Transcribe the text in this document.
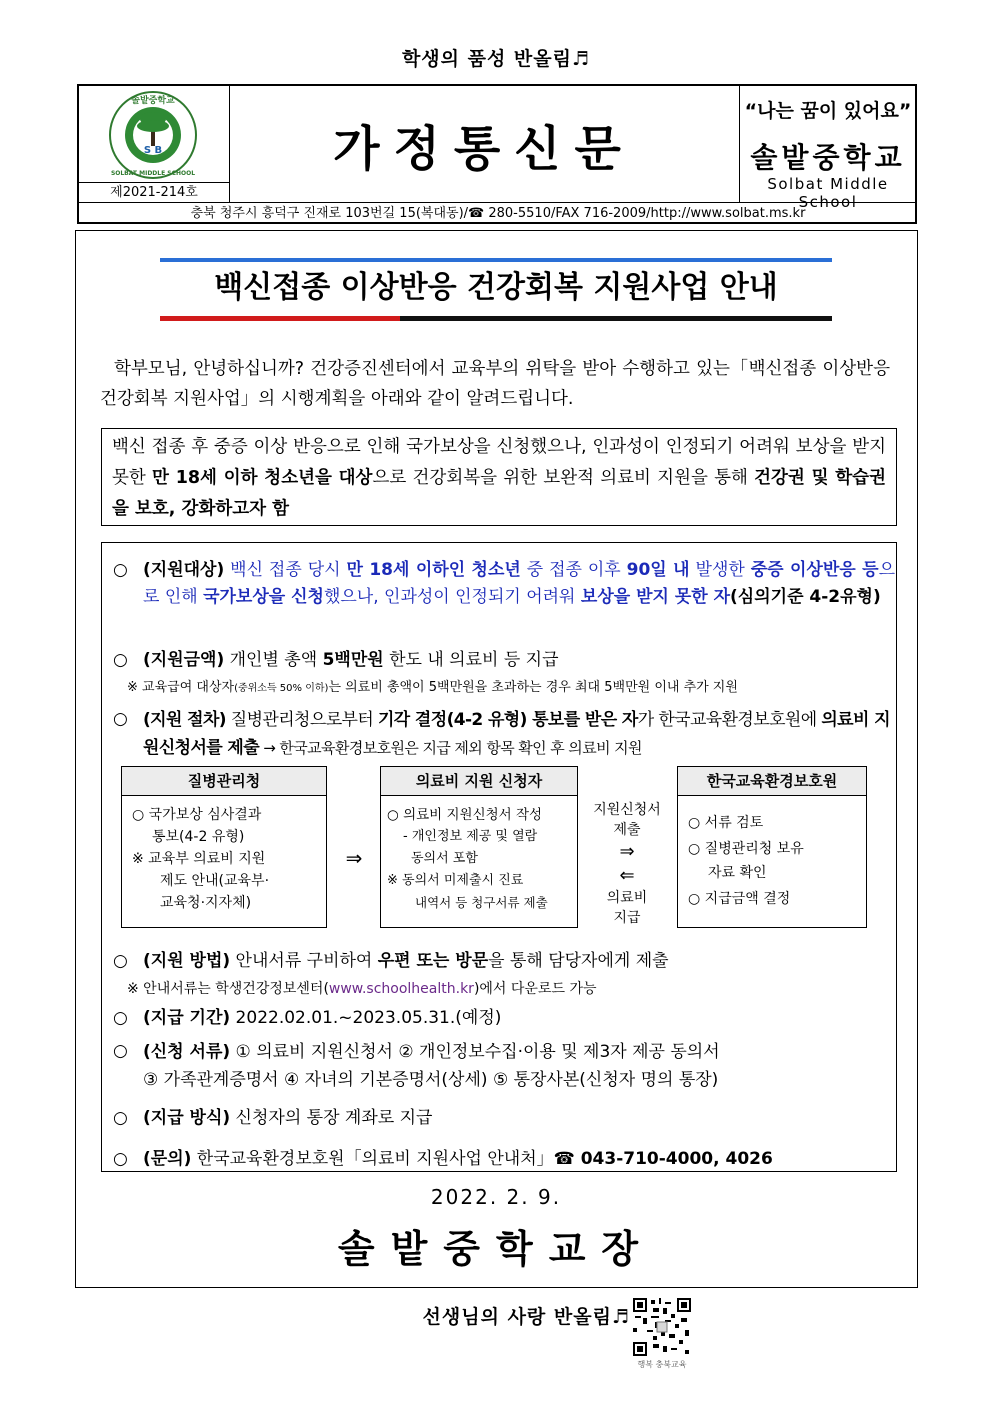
학생의 품성 반올림♬
솔밭중학교
SOLBAT MIDDLE SCHOOL
S B
제2021-214호
가정통신문
“나는 꿈이 있어요”
솔밭중학교
Solbat Middle School
충북 청주시 흥덕구 진재로 103번길 15(복대동)/☎ 280-5510/FAX 716-2009/http://www.solbat.ms.kr
백신접종 이상반응 건강회복 지원사업 안내
학부모님, 안녕하십니까? 건강증진센터에서 교육부의 위탁을 받아 수행하고 있는「백신접종 이상반응 건강회복 지원사업」의 시행계획을 아래와 같이 알려드립니다.
백신 접종 후 중증 이상 반응으로 인해 국가보상을 신청했으나, 인과성이 인정되기 어려워 보상을 받지 못한 만 18세 이하 청소년을 대상으로 건강회복을 위한 보완적 의료비 지원을 통해 건강권 및 학습권을 보호, 강화하고자 함
○ (지원대상) 백신 접종 당시 만 18세 이하인 청소년 중 접종 이후 90일 내 발생한 중증 이상반응 등으로 인해 국가보상을 신청했으나, 인과성이 인정되기 어려워 보상을 받지 못한 자(심의기준 4-2유형)
○ (지원금액) 개인별 총액 5백만원 한도 내 의료비 등 지급
※ 교육급여 대상자(중위소득 50% 이하)는 의료비 총액이 5백만원을 초과하는 경우 최대 5백만원 이내 추가 지원
○ (지원 절차) 질병관리청으로부터 기각 결정(4-2 유형) 통보를 받은 자가 한국교육환경보호원에 의료비 지원신청서를 제출 → 한국교육환경보호원은 지급 제외 항목 확인 후 의료비 지원
질병관리청
○ 국가보상 심사결과
통보(4-2 유형)
※ 교육부 의료비 지원
제도 안내(교육부·
교육청·지자체)
⇒
의료비 지원 신청자
○ 의료비 지원신청서 작성
- 개인정보 제공 및 열람
동의서 포함
※ 동의서 미제출시 진료
내역서 등 청구서류 제출
지원신청서
제출
⇒
⇐
의료비
지급
한국교육환경보호원
○ 서류 검토
○ 질병관리청 보유
자료 확인
○ 지급금액 결정
○ (지원 방법) 안내서류 구비하여 우편 또는 방문을 통해 담당자에게 제출
※ 안내서류는 학생건강정보센터(www.schoolhealth.kr)에서 다운로드 가능
○ (지급 기간) 2022.02.01.~2023.05.31.(예정)
○ (신청 서류) ① 의료비 지원신청서 ② 개인정보수집·이용 및 제3자 제공 동의서
③ 가족관계증명서 ④ 자녀의 기본증명서(상세) ⑤ 통장사본(신청자 명의 통장)
○ (지급 방식) 신청자의 통장 계좌로 지급
○ (문의) 한국교육환경보호원「의료비 지원사업 안내처」☎ 043-710-4000, 4026
2022. 2. 9.
솔밭중학교장
선생님의 사랑 반올림♬
행복 충북교육
